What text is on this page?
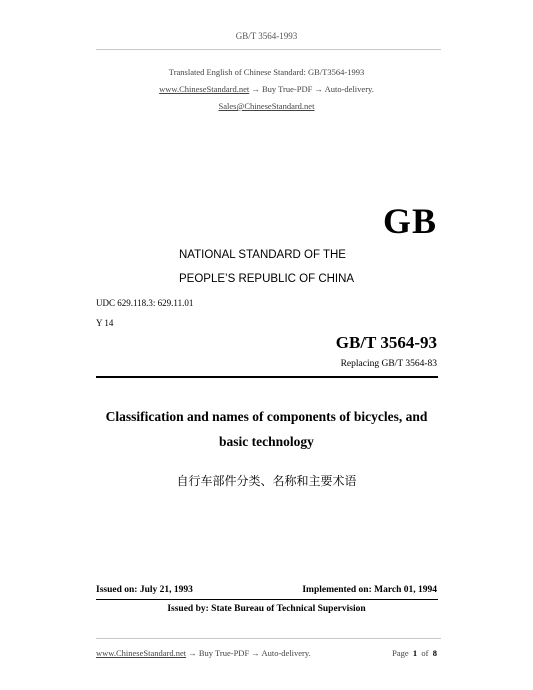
GB/T 3564-1993
Translated English of Chinese Standard: GB/T3564-1993
www.ChineseStandard.net → Buy True-PDF → Auto-delivery.
Sales@ChineseStandard.net
GB
NATIONAL STANDARD OF THE
PEOPLE’S REPUBLIC OF CHINA
UDC 629.118.3: 629.11.01
Y 14
GB/T 3564-93
Replacing GB/T 3564-83
Classification and names of components of bicycles, and
basic technology
自行车部件分类、名称和主要术语
Issued on: July 21, 1993	Implemented on: March 01, 1994
Issued by: State Bureau of Technical Supervision
www.ChineseStandard.net → Buy True-PDF → Auto-delivery.	Page 1 of 8
